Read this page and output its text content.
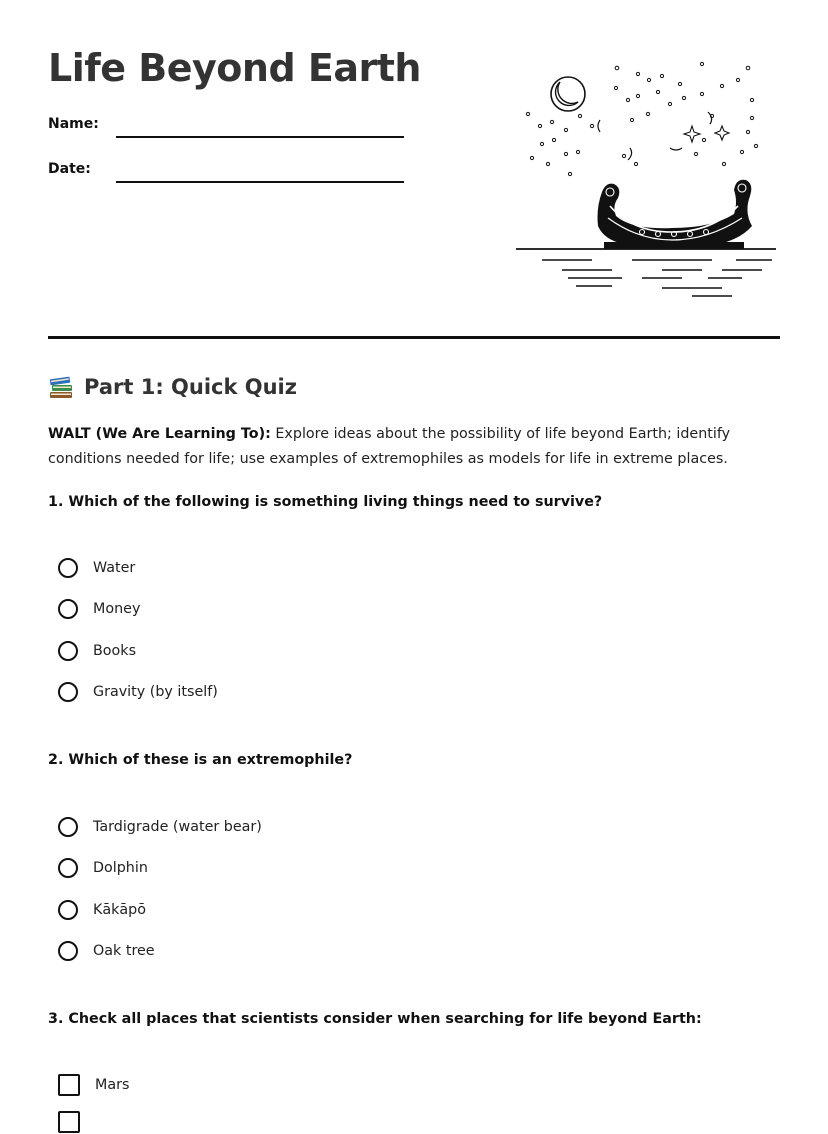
Life Beyond Earth
Name:
Date:
Part 1: Quick Quiz

WALT (We Are Learning To): Explore ideas about the possibility of life beyond Earth; identify conditions needed for life; use examples of extremophiles as models for life in extreme places.

1. Which of the following is something living things need to survive?

Water
Money
Books
Gravity (by itself)

2. Which of these is an extremophile?

Tardigrade (water bear)
Dolphin
Kākāpō
Oak tree

3. Check all places that scientists consider when searching for life beyond Earth:

Mars
